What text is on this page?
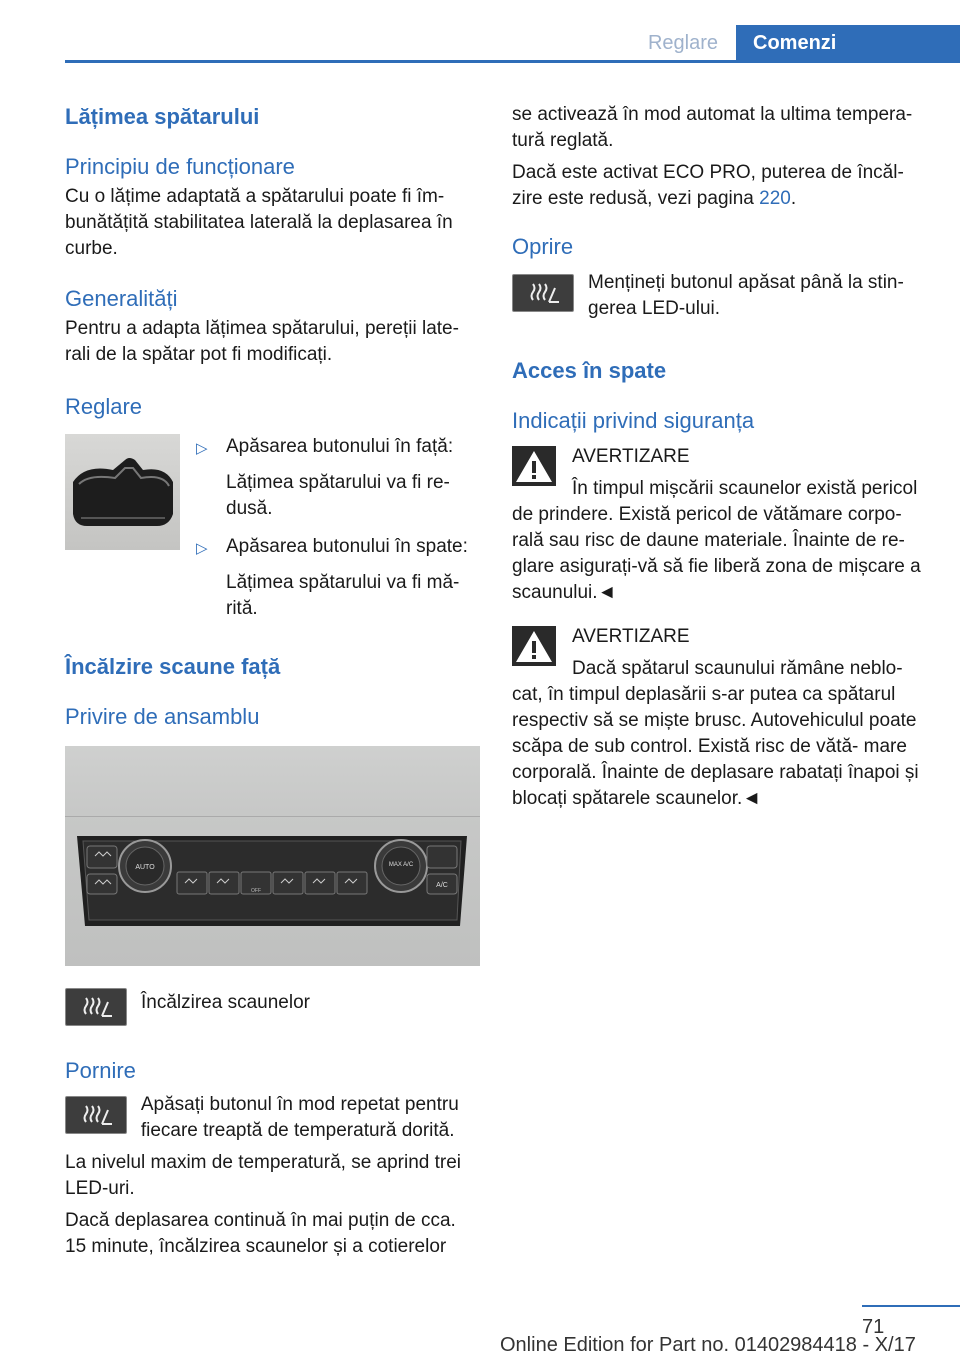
Reglare	Comenzi
Lățimea spătarului
Principiu de funcționare

Cu o lățime adaptată a spătarului poate fi îm- bunătățită stabilitatea laterală la deplasarea în curbe.

Generalități

Pentru a adapta lățimea spătarului, pereții late- rali de la spătar pot fi modificați.

Reglare
▷ Apăsarea butonului în față:
Lățimea spătarului va fi re- dusă.
▷ Apăsarea butonului în spate:
Lățimea spătarului va fi mă- rită.
Încălzire scaune față
Privire de ansamblu
AUTO	MAX A/C
A/C
OFF

Încălzirea scaunelor

Pornire

Apăsați butonul în mod repetat pentru fiecare treaptă de temperatură dorită.

La nivelul maxim de temperatură, se aprind trei LED-uri.

Dacă deplasarea continuă în mai puțin de cca. 15 minute, încălzirea scaunelor și a cotierelor

se activează în mod automat la ultima tempera- tură reglată.

Dacă este activat ECO PRO, puterea de încăl- zire este redusă, vezi pagina 220.

Oprire

Mențineți butonul apăsat până la stin- gerea LED-ului.

Acces în spate
Indicații privind siguranța

AVERTIZARE

În timpul mișcării scaunelor există pericol de prindere. Există pericol de vătămare corpo- rală sau risc de daune materiale. Înainte de re- glare asigurați-vă să fie liberă zona de mișcare a scaunului.◄

AVERTIZARE

Dacă spătarul scaunului rămâne neblo- cat, în timpul deplasării s-ar putea ca spătarul respectiv să se miște brusc. Autovehiculul poate scăpa de sub control. Există risc de vătă- mare corporală. Înainte de deplasare rabatați înapoi și blocați spătarele scaunelor.◄

71
Online Edition for Part no. 01402984418 - X/17
